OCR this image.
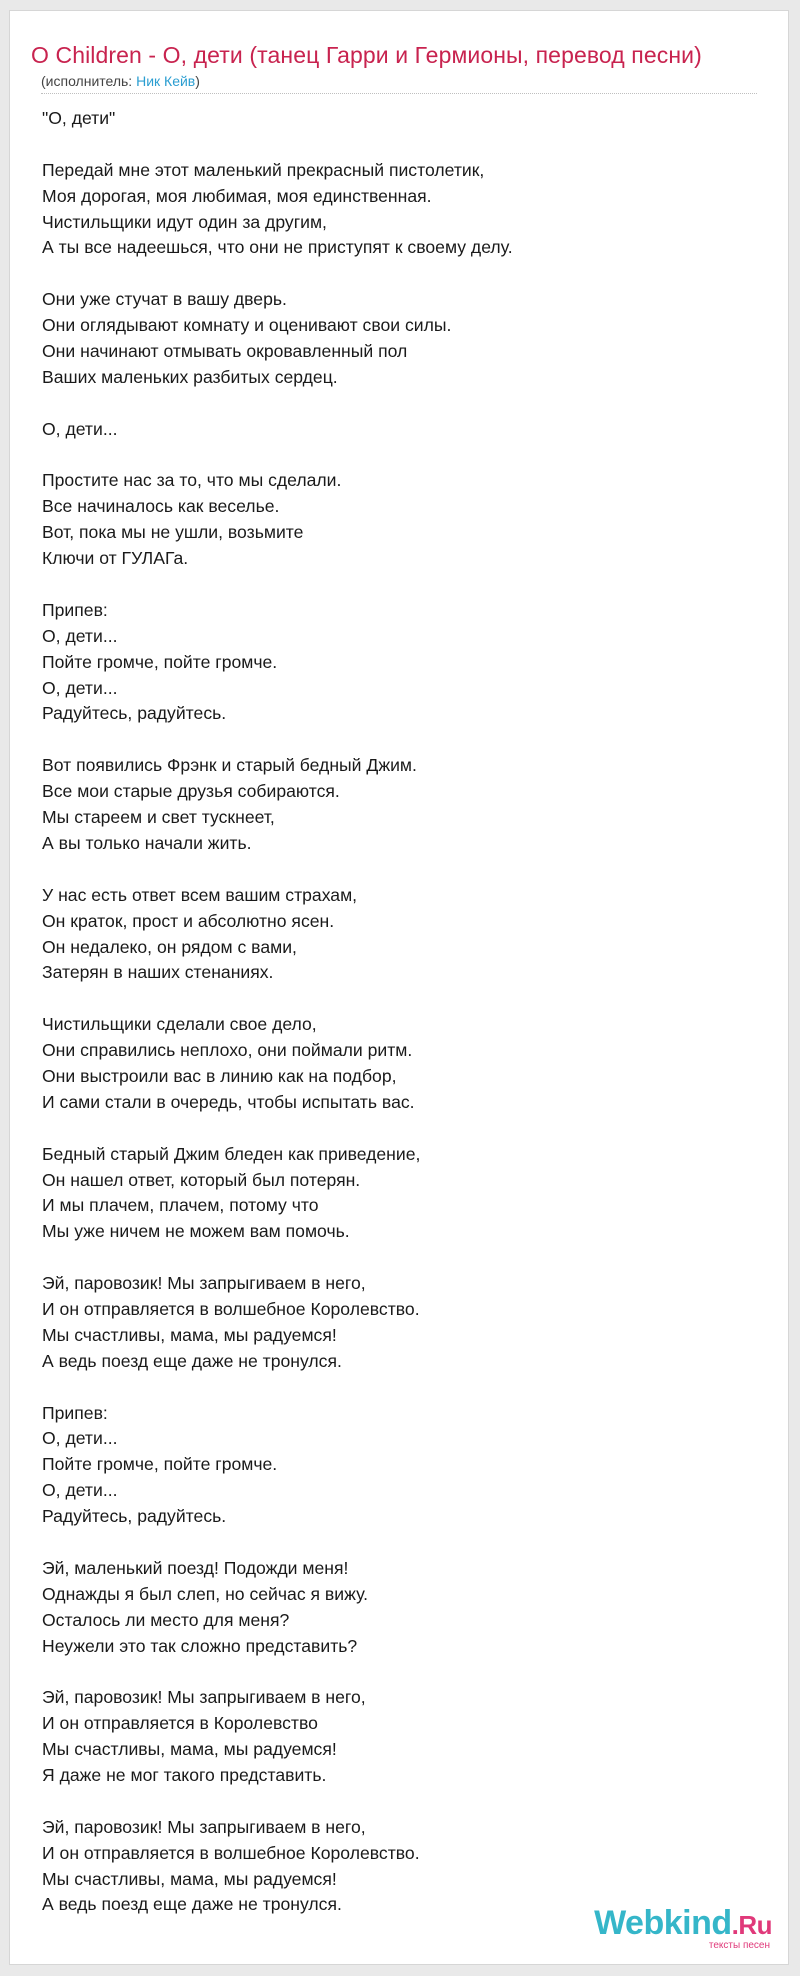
O Children - О, дети (танец Гарри и Гермионы, перевод песни)
(исполнитель: Ник Кейв)
"О, дети"
Передай мне этот маленький прекрасный пистолетик,
Моя дорогая, моя любимая, моя единственная.
Чистильщики идут один за другим,
А ты все надеешься, что они не приступят к своему делу.
Они уже стучат в вашу дверь.
Они оглядывают комнату и оценивают свои силы.
Они начинают отмывать окровавленный пол
Ваших маленьких разбитых сердец.
О, дети...
Простите нас за то, что мы сделали.
Все начиналось как веселье.
Вот, пока мы не ушли, возьмите
Ключи от ГУЛАГа.
Припев:
О, дети...
Пойте громче, пойте громче.
О, дети...
Радуйтесь, радуйтесь.
Вот появились Фрэнк и старый бедный Джим.
Все мои старые друзья собираются.
Мы стареем и свет тускнеет,
А вы только начали жить.
У нас есть ответ всем вашим страхам,
Он краток, прост и абсолютно ясен.
Он недалеко, он рядом с вами,
Затерян в наших стенаниях.
Чистильщики сделали свое дело,
Они справились неплохо, они поймали ритм.
Они выстроили вас в линию как на подбор,
И сами стали в очередь, чтобы испытать вас.
Бедный старый Джим бледен как приведение,
Он нашел ответ, который был потерян.
И мы плачем, плачем, потому что
Мы уже ничем не можем вам помочь.
Эй, паровозик! Мы запрыгиваем в него,
И он отправляется в волшебное Королевство.
Мы счастливы, мама, мы радуемся!
А ведь поезд еще даже не тронулся.
Припев:
О, дети...
Пойте громче, пойте громче.
О, дети...
Радуйтесь, радуйтесь.
Эй, маленький поезд! Подожди меня!
Однажды я был слеп, но сейчас я вижу.
Осталось ли место для меня?
Неужели это так сложно представить?
Эй, паровозик! Мы запрыгиваем в него,
И он отправляется в Королевство
Мы счастливы, мама, мы радуемся!
Я даже не мог такого представить.
Эй, паровозик! Мы запрыгиваем в него,
И он отправляется в волшебное Королевство.
Мы счастливы, мама, мы радуемся!
А ведь поезд еще даже не тронулся.	Webkind.Ru
тексты песен
